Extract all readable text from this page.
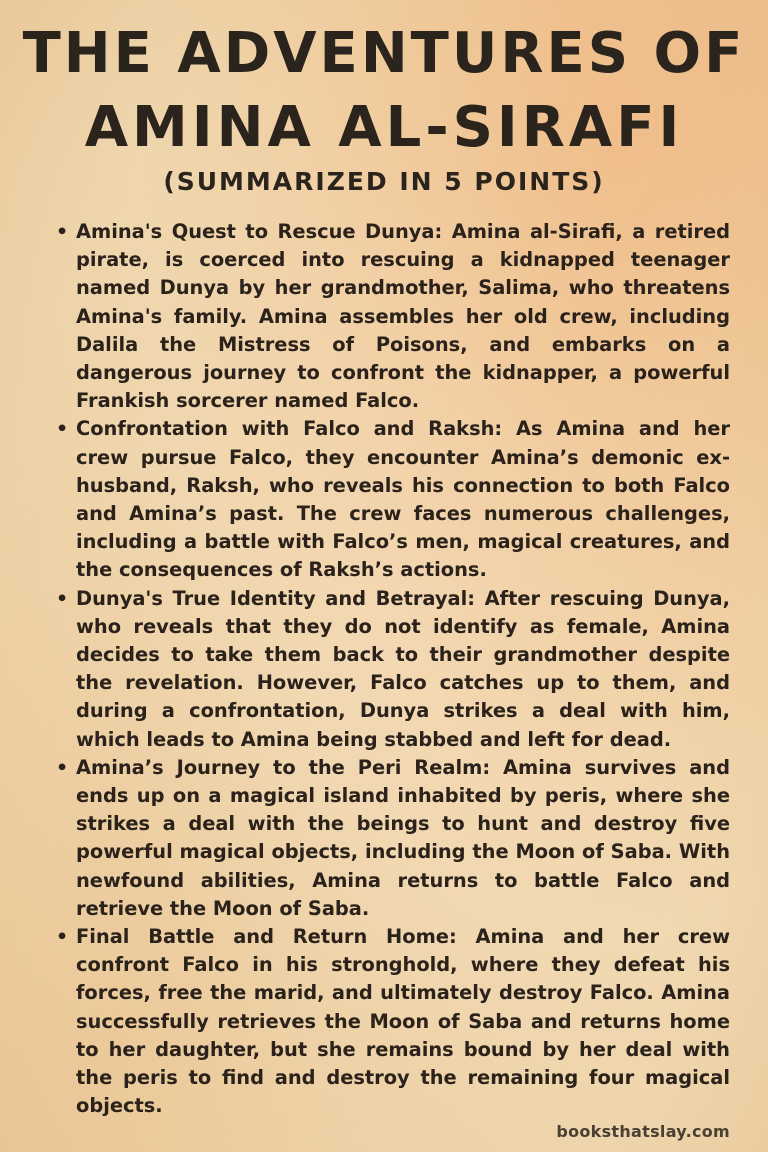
THE ADVENTURES OF
AMINA AL-SIRAFI
(SUMMARIZED IN 5 POINTS)
• Amina's Quest to Rescue Dunya: Amina al-Sirafi, a retired pirate, is coerced into rescuing a kidnapped teenager named Dunya by her grandmother, Salima, who threatens Amina's family. Amina assembles her old crew, including Dalila the Mistress of Poisons, and embarks on a dangerous journey to confront the kidnapper, a powerful Frankish sorcerer named Falco.
• Confrontation with Falco and Raksh: As Amina and her crew pursue Falco, they encounter Amina’s demonic ex-husband, Raksh, who reveals his connection to both Falco and Amina’s past. The crew faces numerous challenges, including a battle with Falco’s men, magical creatures, and the consequences of Raksh’s actions.
• Dunya's True Identity and Betrayal: After rescuing Dunya, who reveals that they do not identify as female, Amina decides to take them back to their grandmother despite the revelation. However, Falco catches up to them, and during a confrontation, Dunya strikes a deal with him, which leads to Amina being stabbed and left for dead.
• Amina’s Journey to the Peri Realm: Amina survives and ends up on a magical island inhabited by peris, where she strikes a deal with the beings to hunt and destroy five powerful magical objects, including the Moon of Saba. With newfound abilities, Amina returns to battle Falco and retrieve the Moon of Saba.
• Final Battle and Return Home: Amina and her crew confront Falco in his stronghold, where they defeat his forces, free the marid, and ultimately destroy Falco. Amina successfully retrieves the Moon of Saba and returns home to her daughter, but she remains bound by her deal with the peris to find and destroy the remaining four magical objects.
booksthatslay.com
